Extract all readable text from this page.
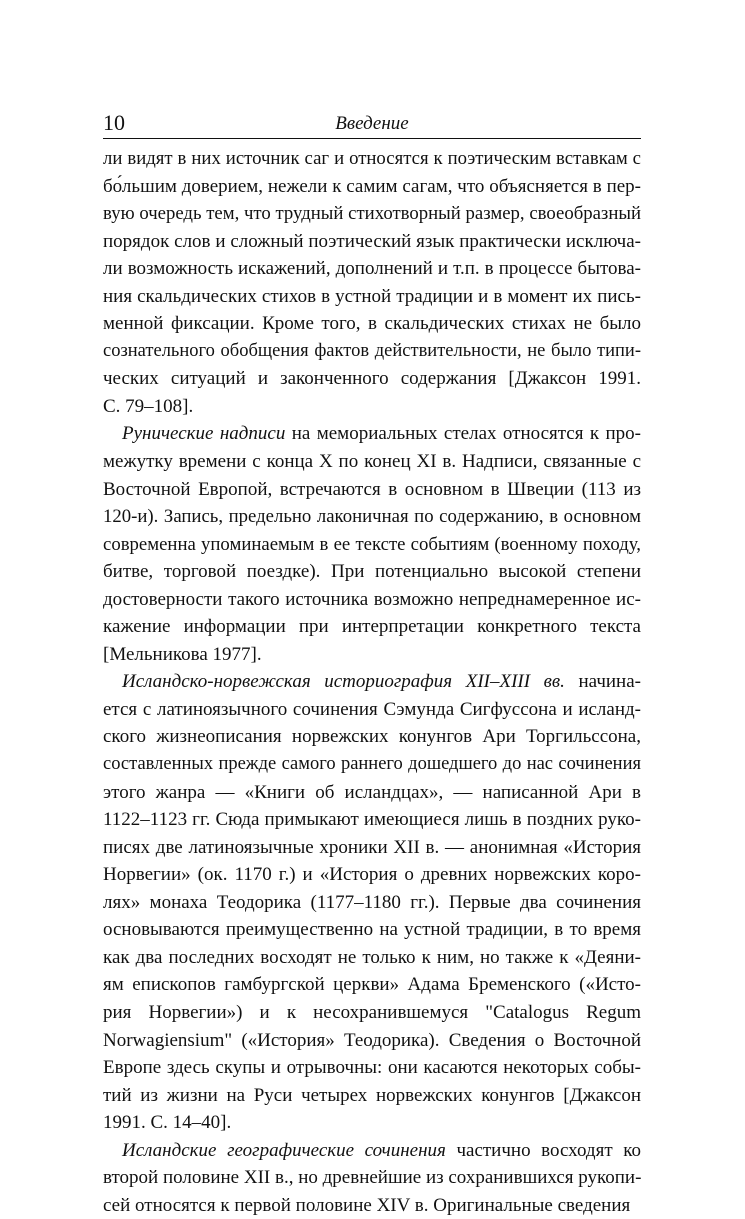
10	Введение
ли видят в них источник саг и относятся к поэтическим вставкам с
бо́льшим доверием, нежели к самим сагам, что объясняется в пер-
вую очередь тем, что трудный стихотворный размер, своеобразный
порядок слов и сложный поэтический язык практически исключа-
ли возможность искажений, дополнений и т.п. в процессе бытова-
ния скальдических стихов в устной традиции и в момент их пись-
менной фиксации. Кроме того, в скальдических стихах не было
сознательного обобщения фактов действительности, не было типи-
ческих ситуаций и законченного содержания [Джаксон 1991.
С. 79–108].
Рунические надписи на мемориальных стелах относятся к про-
межутку времени с конца X по конец XI в. Надписи, связанные с
Восточной Европой, встречаются в основном в Швеции (113 из
120-и). Запись, предельно лаконичная по содержанию, в основном
современна упоминаемым в ее тексте событиям (военному походу,
битве, торговой поездке). При потенциально высокой степени
достоверности такого источника возможно непреднамеренное ис-
кажение информации при интерпретации конкретного текста
[Мельникова 1977].
Исландско-норвежская историография XII–XIII вв. начина-
ется с латиноязычного сочинения Сэмунда Сигфуссона и исланд-
ского жизнеописания норвежских конунгов Ари Торгильссона,
составленных прежде самого раннего дошедшего до нас сочинения
этого жанра — «Книги об исландцах», — написанной Ари в
1122–1123 гг. Сюда примыкают имеющиеся лишь в поздних руко-
писях две латиноязычные хроники XII в. — анонимная «История
Норвегии» (ок. 1170 г.) и «История о древних норвежских коро-
лях» монаха Теодорика (1177–1180 гг.). Первые два сочинения
основываются преимущественно на устной традиции, в то время
как два последних восходят не только к ним, но также к «Деяни-
ям епископов гамбургской церкви» Адама Бременского («Исто-
рия Норвегии») и к несохранившемуся "Catalogus Regum
Norwagiensium" («История» Теодорика). Сведения о Восточной
Европе здесь скупы и отрывочны: они касаются некоторых собы-
тий из жизни на Руси четырех норвежских конунгов [Джаксон
1991. С. 14–40].
Исландские географические сочинения частично восходят ко
второй половине XII в., но древнейшие из сохранившихся рукопи-
сей относятся к первой половине XIV в. Оригинальные сведения
